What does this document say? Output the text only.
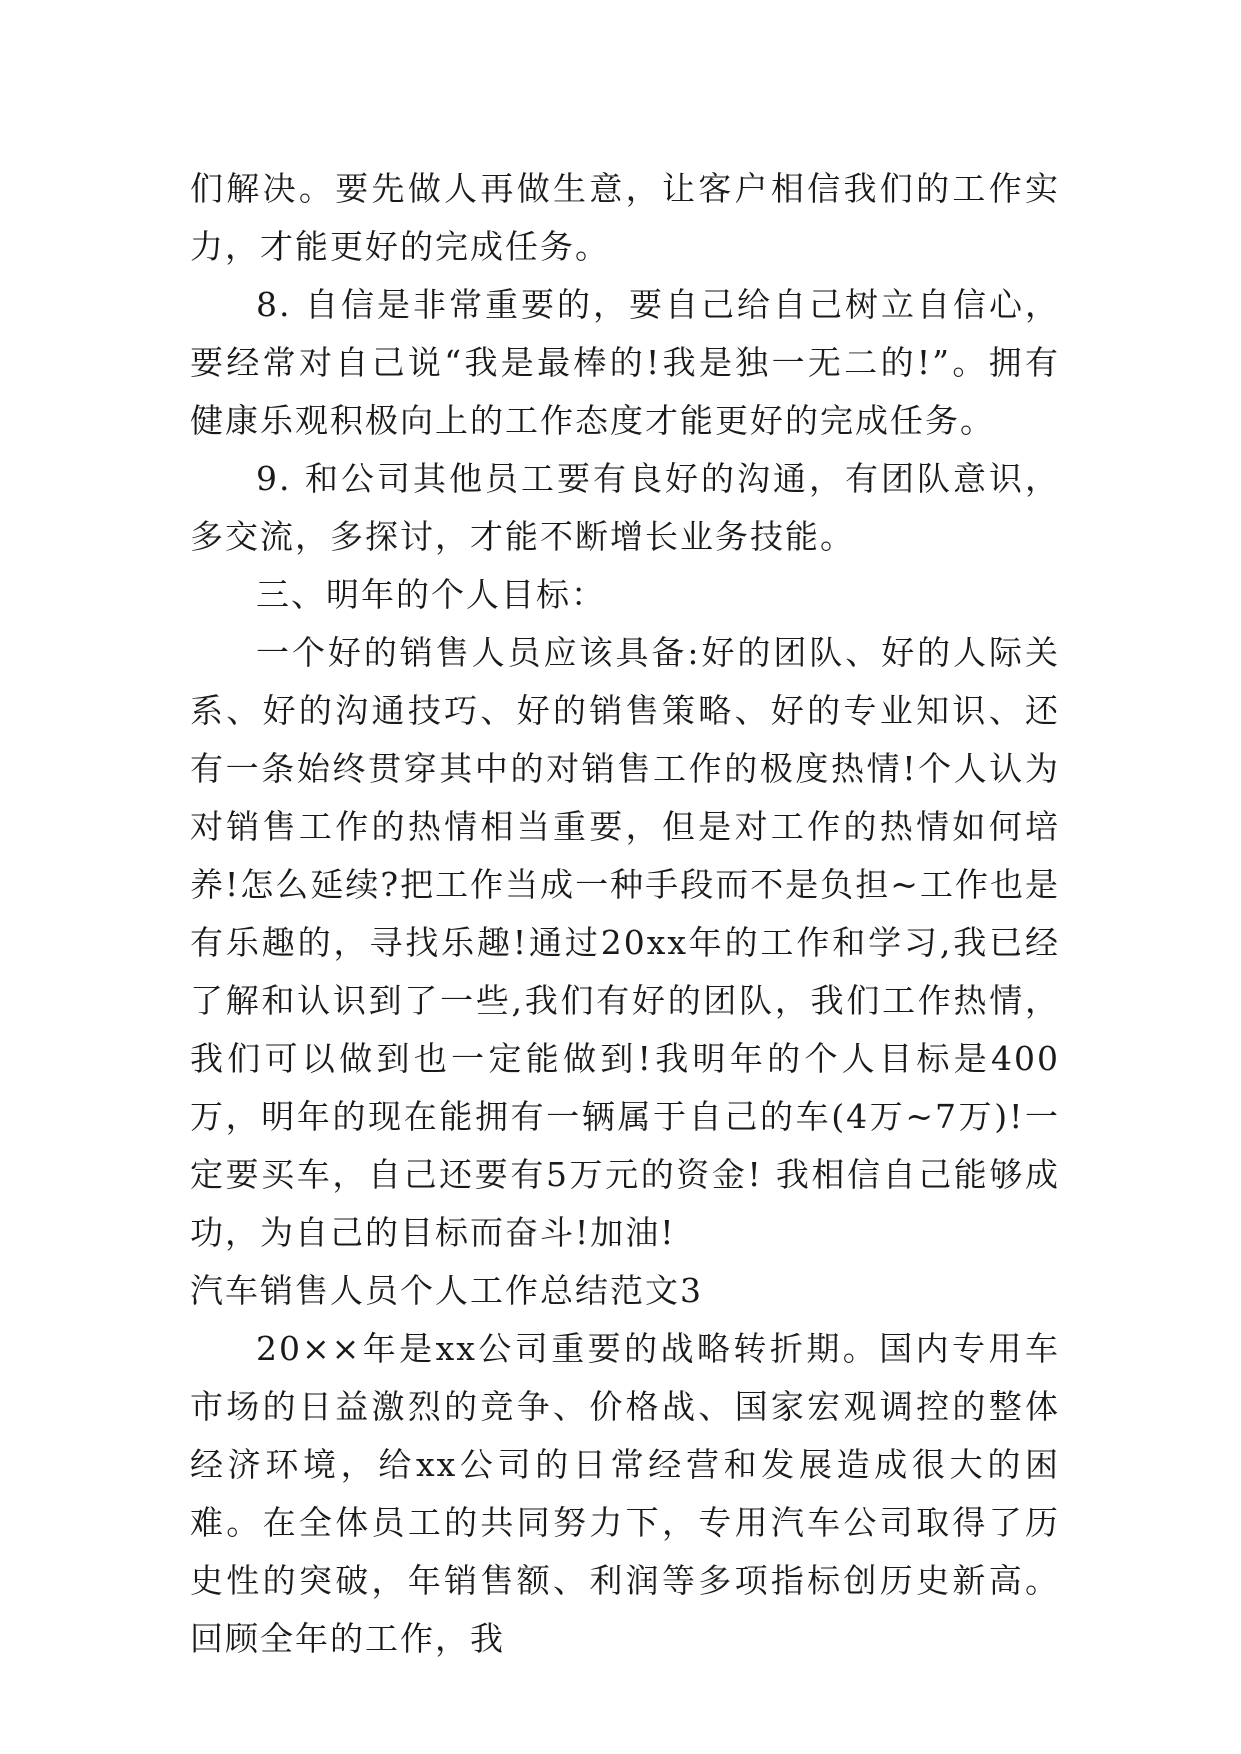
们解决。要先做人再做生意，让客户相信我们的工作实力，才能更好的完成任务。

8. 自信是非常重要的，要自己给自己树立自信心，要经常对自己说“我是最棒的!我是独一无二的!”。拥有健康乐观积极向上的工作态度才能更好的完成任务。

9. 和公司其他员工要有良好的沟通，有团队意识，多交流，多探讨，才能不断增长业务技能。

三、明年的个人目标：

一个好的销售人员应该具备:好的团队、好的人际关系、好的沟通技巧、好的销售策略、好的专业知识、还有一条始终贯穿其中的对销售工作的极度热情!个人认为对销售工作的热情相当重要，但是对工作的热情如何培养!怎么延续?把工作当成一种手段而不是负担~工作也是有乐趣的，寻找乐趣!通过20xx年的工作和学习,我已经了解和认识到了一些,我们有好的团队，我们工作热情，我们可以做到也一定能做到!我明年的个人目标是400万，明年的现在能拥有一辆属于自己的车(4万~7万)!一定要买车，自己还要有5万元的资金! 我相信自己能够成功，为自己的目标而奋斗!加油!

汽车销售人员个人工作总结范文3

20××年是xx公司重要的战略转折期。国内专用车市场的日益激烈的竞争、价格战、国家宏观调控的整体经济环境，给xx公司的日常经营和发展造成很大的困难。在全体员工的共同努力下，专用汽车公司取得了历史性的突破，年销售额、利润等多项指标创历史新高。回顾全年的工作，我
